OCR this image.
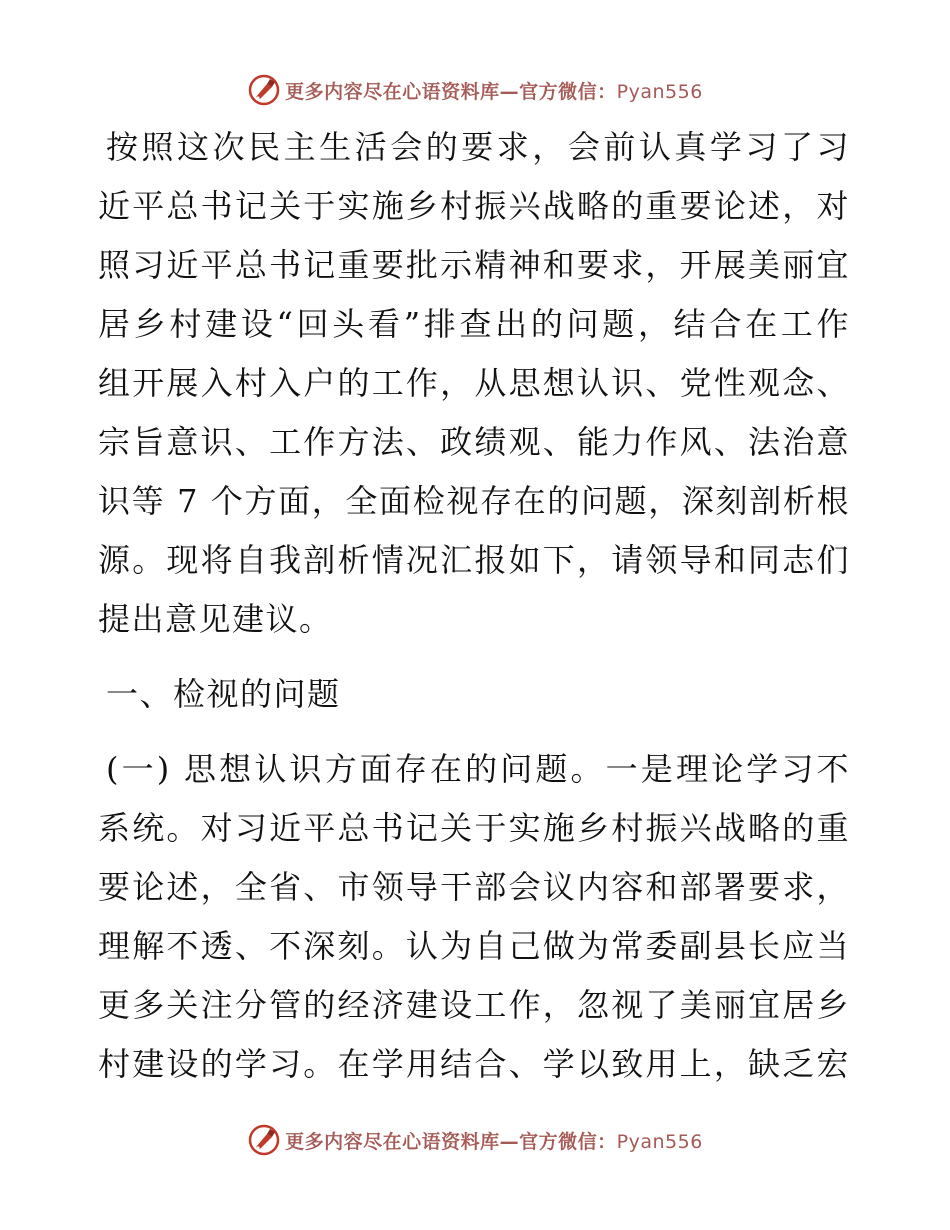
更多内容尽在心语资料库—官方微信：Pyan556
按照这次民主生活会的要求，会前认真学习了习
近平总书记关于实施乡村振兴战略的重要论述，对
照习近平总书记重要批示精神和要求，开展美丽宜
居乡村建设“回头看”排查出的问题，结合在工作
组开展入村入户的工作，从思想认识、党性观念、
宗旨意识、工作方法、政绩观、能力作风、法治意
识等 7 个方面，全面检视存在的问题，深刻剖析根
源。现将自我剖析情况汇报如下，请领导和同志们
提出意见建议。
一、检视的问题
(一) 思想认识方面存在的问题。一是理论学习不
系统。对习近平总书记关于实施乡村振兴战略的重
要论述，全省、市领导干部会议内容和部署要求，
理解不透、不深刻。认为自己做为常委副县长应当
更多关注分管的经济建设工作，忽视了美丽宜居乡
村建设的学习。在学用结合、学以致用上，缺乏宏
更多内容尽在心语资料库—官方微信：Pyan556
